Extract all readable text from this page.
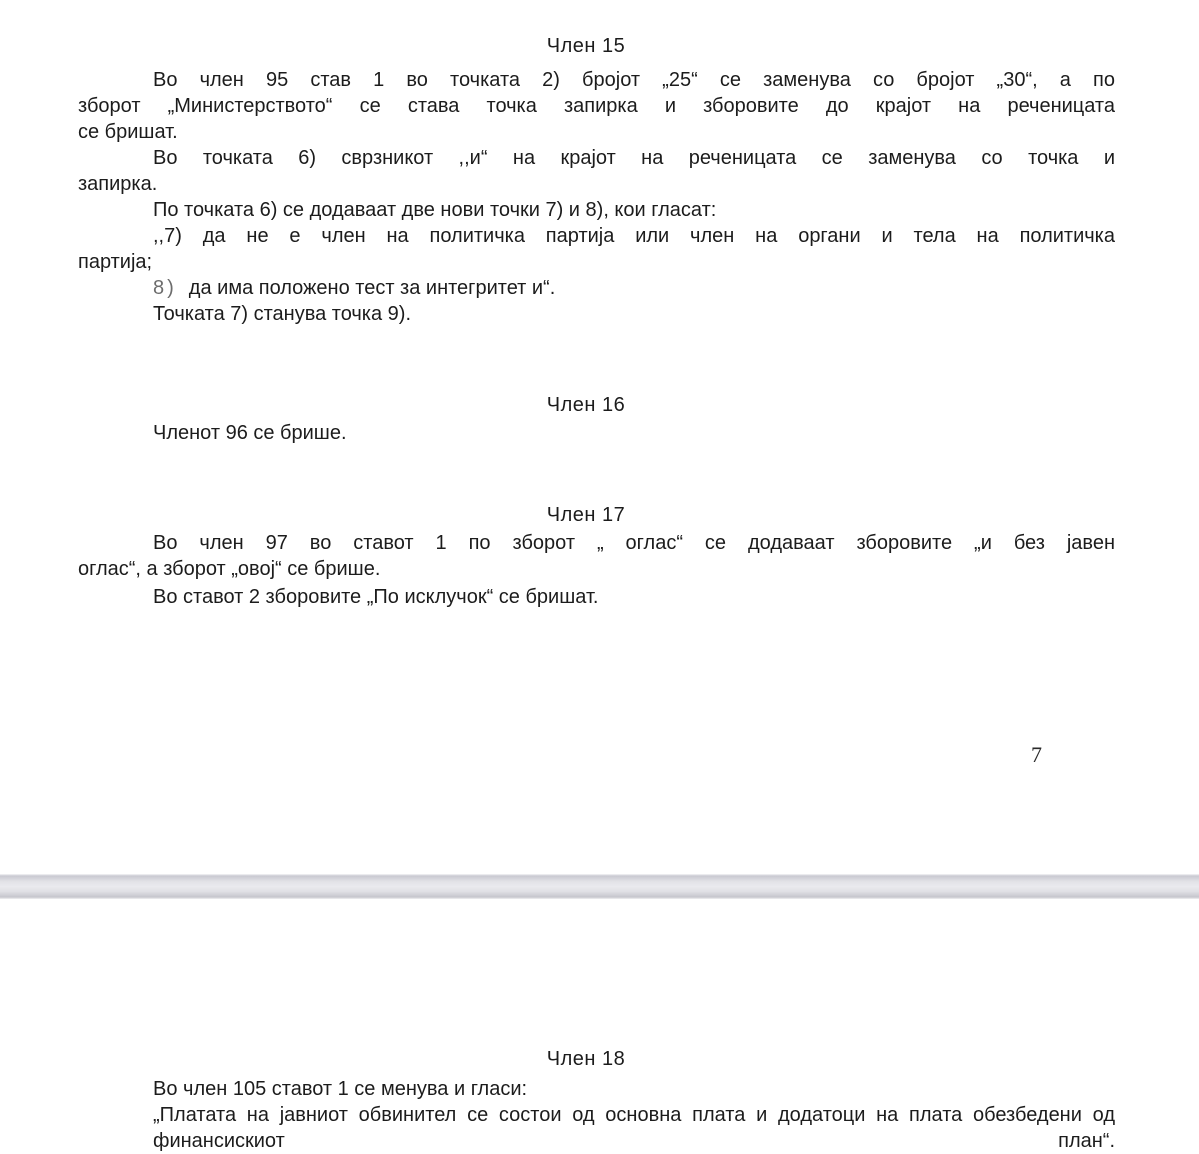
Член 15
Во член 95 став 1 во точката 2) бројот „25“ се заменува со бројот „30“, а по
зборот „Министерството“ се става точка запирка и зборовите до крајот на реченицата
се бришат.
Во точката 6) сврзникот ,,и“ на крајот на реченицата се заменува со точка и
запирка.
По точката 6) се додаваат две нови точки 7) и 8), кои гласат:
,,7) да не е член на политичка партија или член на органи и тела на политичка
партија;
8) да има положено тест за интегритет и“.
Точката 7) станува точка 9).
Член 16
Членот 96 се брише.
Член 17
Во член 97 во ставот 1 по зборот „ оглас“ се додаваат зборовите „и без јавен
оглас“, а зборот „овој“ се брише.
Во ставот 2 зборовите „По исклучок“ се бришат.
7
Член 18
Во член 105 ставот 1 се менува и гласи:
„Платата на јавниот обвинител се состои од основна плата и додатоци на плата обезбедени од финансискиот план“.
